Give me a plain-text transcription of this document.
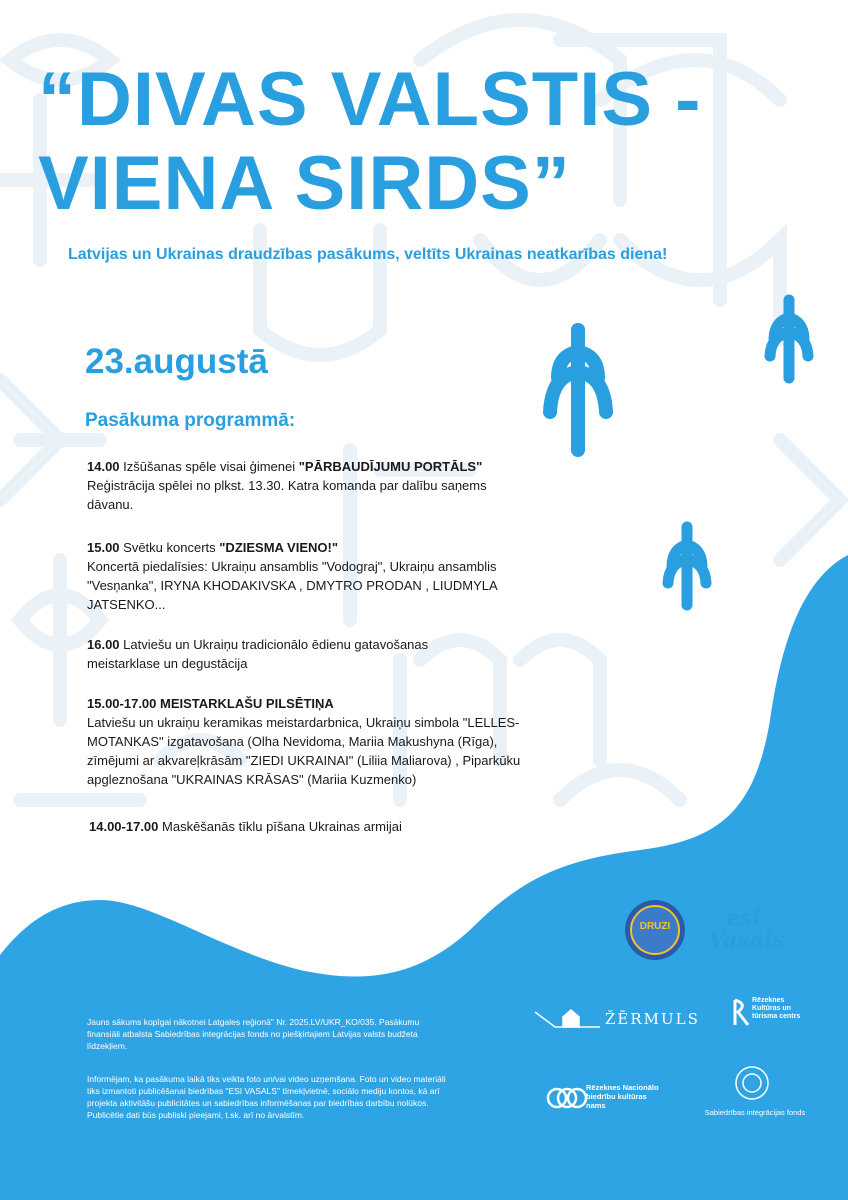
“DIVAS VALSTIS -
VIENA SIRDS”

Latvijas un Ukrainas draudzības pasākums, veltīts Ukrainas neatkarības diena!

23.augustā

Pasākuma programmā:

14.00 Izšūšanas spēle visai ģimenei "PĀRBAUDĪJUMU PORTĀLS"
Reģistrācija spēlei no plkst. 13.30. Katra komanda par dalību saņems dāvanu.

15.00 Svētku koncerts "DZIESMA VIENO!"
Koncertā piedalīsies: Ukraiņu ansamblis "Vodograj", Ukraiņu ansamblis "Vesņanka", IRYNA KHODAKIVSKA , DMYTRO PRODAN , LIUDMYLA JATSENKO...

16.00 Latviešu un Ukraiņu tradicionālo ēdienu gatavošanas meistarklase un degustācija

15.00-17.00 MEISTARKLAŠU PILSĒTIŅA
Latviešu un ukraiņu keramikas meistardarbnica, Ukraiņu simbola "LELLES- MOTANKAS" izgatavošana (Olha Nevidoma, Mariia Makushyna (Rīga), zīmējumi ar akvareļkrāsām "ZIEDI UKRAINAI" (Liliia Maliarova) , Piparkūku apgleznošana "UKRAINAS KRĀSAS" (Mariia Kuzmenko)

14.00-17.00 Maskēšanās tīklu pīšana Ukrainas armijai

DRUZI	esi
Vasals
ŽĒRMULS
Rēzeknes Kultūras un tūrisma centrs
Rēzeknes Nacionālo biedrību kultūras nams
Sabiedrības integrācijas fonds

Jauns sākums kopīgai nākotnei Latgales reģionā" Nr. 2025.LV/UKR_KO/035. Pasākumu finansiāli atbalsta Sabiedrības integrācijas fonds no piešķirtajiem Latvijas valsts budžeta līdzekļiem.

Informējam, ka pasākuma laikā tiks veikta foto un/vai video uzņemšana. Foto un video materiāli tiks izmantoti publicēšanai biedrības "ESI VASALS" tīmekļvietnē, sociālo mediju kontos, kā arī projekta aktivitāšu publicitātes un sabiedrības informēšanas par biedrības darbību nolūkos. Publicētie dati būs publiski pieejami, t.sk. arī no ārvalstīm.
